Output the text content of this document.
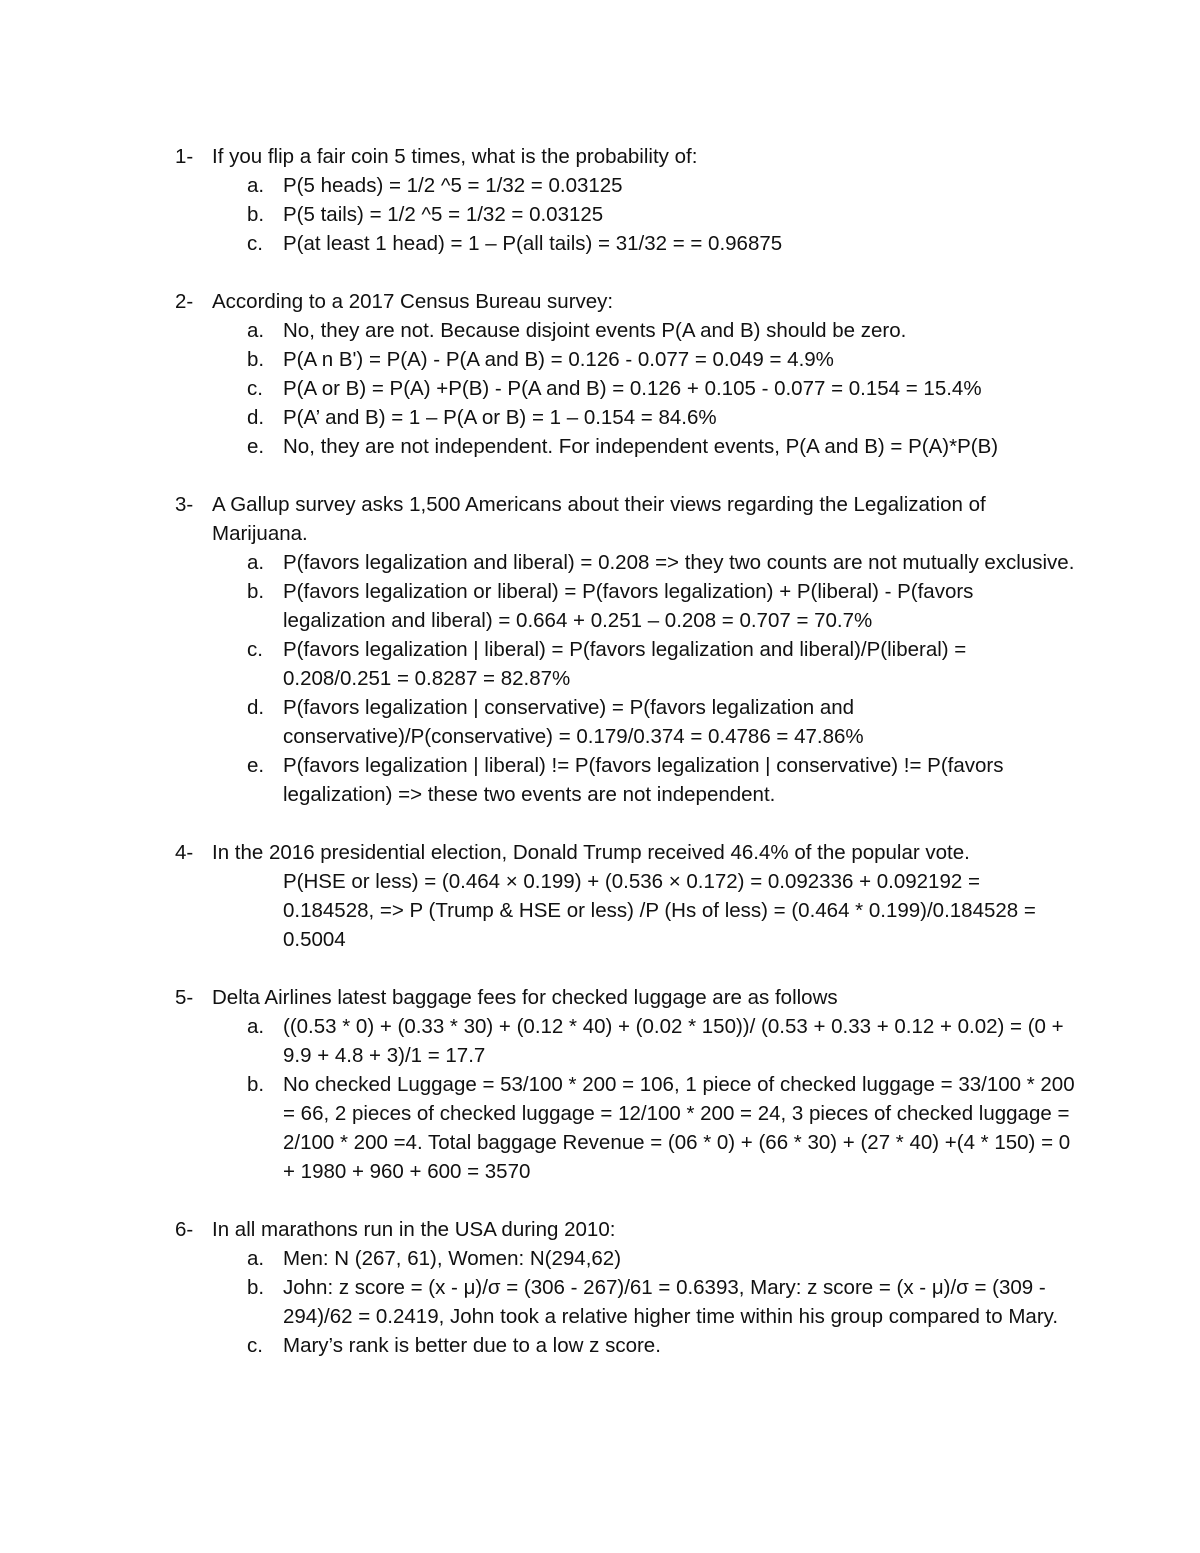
1- If you flip a fair coin 5 times, what is the probability of:
a. P(5 heads) = 1/2 ^5 = 1/32 = 0.03125
b. P(5 tails) = 1/2 ^5 = 1/32 = 0.03125
c. P(at least 1 head) = 1 – P(all tails) = 31/32 = = 0.96875
2- According to a 2017 Census Bureau survey:
a. No, they are not. Because disjoint events P(A and B) should be zero.
b. P(A n B') = P(A) - P(A and B) = 0.126 - 0.077 = 0.049 = 4.9%
c. P(A or B) = P(A) +P(B) - P(A and B) = 0.126 + 0.105 - 0.077 = 0.154 = 15.4%
d. P(A’ and B) = 1 – P(A or B) = 1 – 0.154 = 84.6%
e. No, they are not independent. For independent events, P(A and B) = P(A)*P(B)
3- A Gallup survey asks 1,500 Americans about their views regarding the Legalization of Marijuana.
a. P(favors legalization and liberal) = 0.208 => they two counts are not mutually exclusive.
b. P(favors legalization or liberal) = P(favors legalization) + P(liberal) - P(favors legalization and liberal) = 0.664 + 0.251 – 0.208 = 0.707 = 70.7%
c. P(favors legalization | liberal) = P(favors legalization and liberal)/P(liberal) = 0.208/0.251 = 0.8287 = 82.87%
d. P(favors legalization | conservative) = P(favors legalization and conservative)/P(conservative) = 0.179/0.374 = 0.4786 = 47.86%
e. P(favors legalization | liberal) != P(favors legalization | conservative) != P(favors legalization) => these two events are not independent.
4- In the 2016 presidential election, Donald Trump received 46.4% of the popular vote.
P(HSE or less) = (0.464 × 0.199) + (0.536 × 0.172) = 0.092336 + 0.092192 = 0.184528, => P (Trump & HSE or less) /P (Hs of less) = (0.464 * 0.199)/0.184528 = 0.5004
5- Delta Airlines latest baggage fees for checked luggage are as follows
a. ((0.53 * 0) + (0.33 * 30) + (0.12 * 40) + (0.02 * 150))/ (0.53 + 0.33 + 0.12 + 0.02) = (0 + 9.9 + 4.8 + 3)/1 = 17.7
b. No checked Luggage = 53/100 * 200 = 106, 1 piece of checked luggage = 33/100 * 200 = 66, 2 pieces of checked luggage = 12/100 * 200 = 24, 3 pieces of checked luggage = 2/100 * 200 =4. Total baggage Revenue = (06 * 0) + (66 * 30) + (27 * 40) +(4 * 150) = 0 + 1980 + 960 + 600 = 3570
6- In all marathons run in the USA during 2010:
a. Men: N (267, 61), Women: N(294,62)
b. John: z score = (x - μ)/σ = (306 - 267)/61 = 0.6393, Mary: z score = (x - μ)/σ = (309 - 294)/62 = 0.2419, John took a relative higher time within his group compared to Mary.
c. Mary’s rank is better due to a low z score.
